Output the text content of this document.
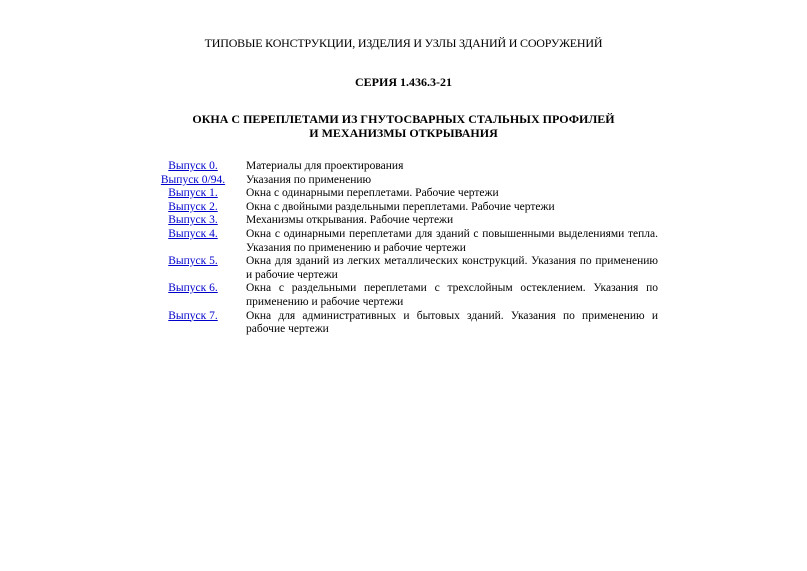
ТИПОВЫЕ КОНСТРУКЦИИ, ИЗДЕЛИЯ И УЗЛЫ ЗДАНИЙ И СООРУЖЕНИЙ
СЕРИЯ 1.436.3-21
ОКНА С ПЕРЕПЛЕТАМИ ИЗ ГНУТОСВАРНЫХ СТАЛЬНЫХ ПРОФИЛЕЙ
И МЕХАНИЗМЫ ОТКРЫВАНИЯ
Выпуск 0.	Материалы для проектирования
Выпуск 0/94.	Указания по применению
Выпуск 1.	Окна с одинарными переплетами. Рабочие чертежи
Выпуск 2.	Окна с двойными раздельными переплетами. Рабочие чертежи
Выпуск 3.	Механизмы открывания. Рабочие чертежи
Выпуск 4.	Окна с одинарными переплетами для зданий с повышенными выделениями тепла. Указания по применению и рабочие чертежи
Выпуск 5.	Окна для зданий из легких металлических конструкций. Указания по применению и рабочие чертежи
Выпуск 6.	Окна с раздельными переплетами с трехслойным остеклением. Указания по применению и рабочие чертежи
Выпуск 7.	Окна для административных и бытовых зданий. Указания по применению и рабочие чертежи
